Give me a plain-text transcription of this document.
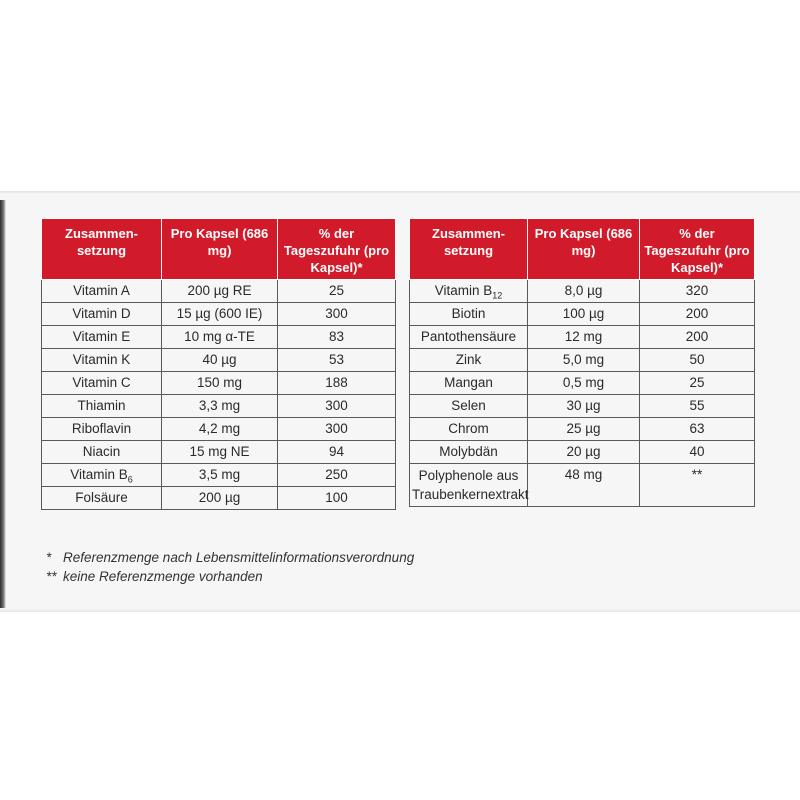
Zusammen-setzung	Pro Kapsel (686 mg)	% der Tageszufuhr (pro Kapsel)*
Vitamin A	200 µg RE	25
Vitamin D	15 µg (600 IE)	300
Vitamin E	10 mg α-TE	83
Vitamin K	40 µg	53
Vitamin C	150 mg	188
Thiamin	3,3 mg	300
Riboflavin	4,2 mg	300
Niacin	15 mg NE	94
Vitamin $B_6$	3,5 mg	250
Folsäure	200 µg	100
Zusammen-setzung	Pro Kapsel (686 mg)	% der Tageszufuhr (pro Kapsel)*
Vitamin $B_{12}$	8,0 µg	320
Biotin	100 µg	200
Pantothensäure	12 mg	200
Zink	5,0 mg	50
Mangan	0,5 mg	25
Selen	30 µg	55
Chrom	25 µg	63
Molybdän	20 µg	40
Polyphenole aus Traubenkernextrakt	48 mg	**
* Referenzmenge nach Lebensmittelinformationsverordnung
** keine Referenzmenge vorhanden
